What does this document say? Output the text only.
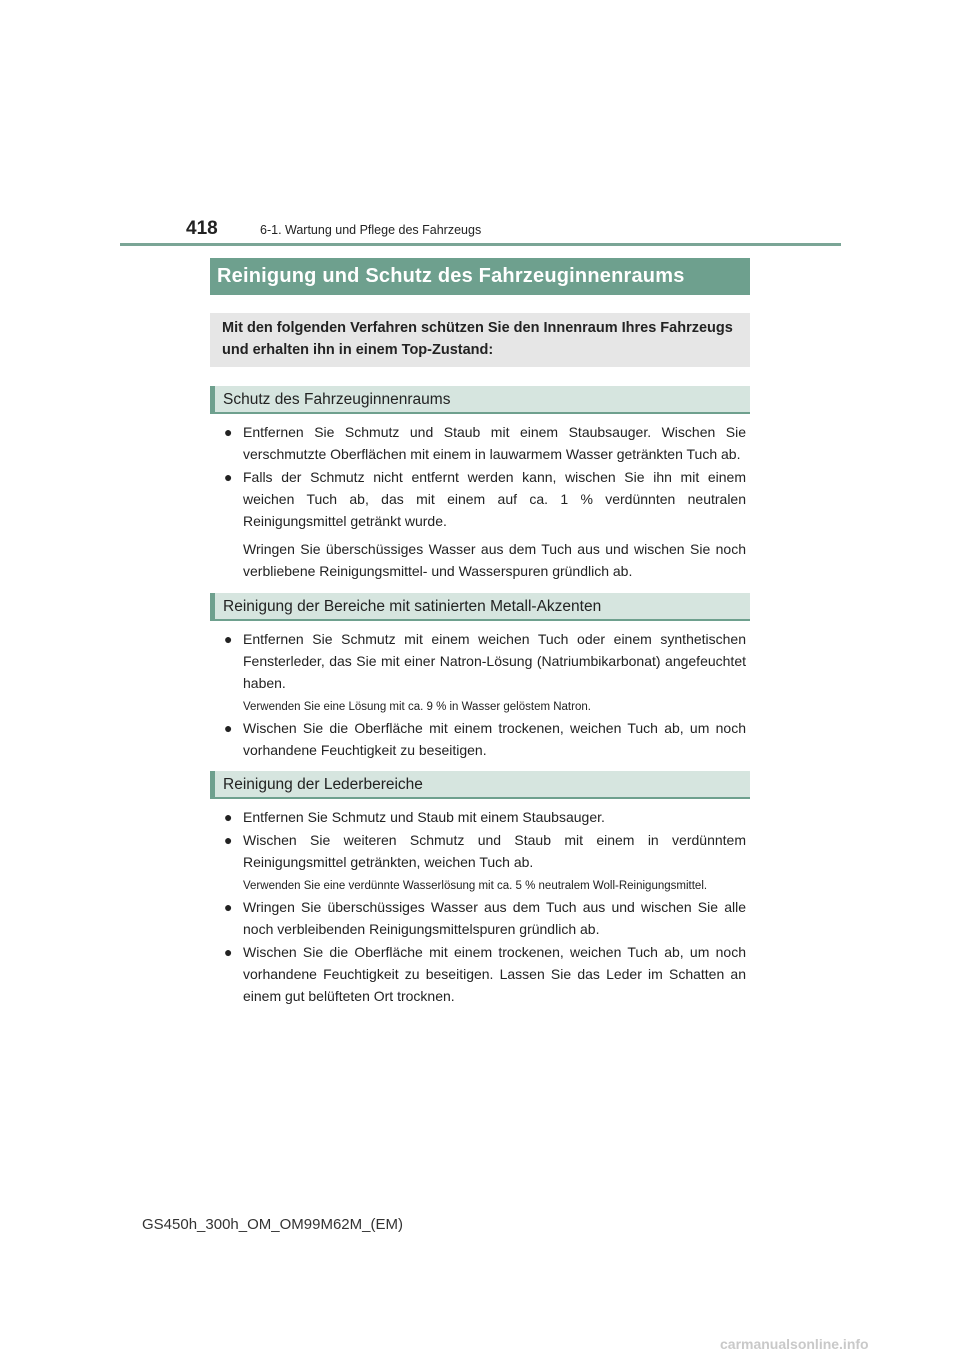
418	6-1. Wartung und Pflege des Fahrzeugs
Reinigung und Schutz des Fahrzeuginnenraums
Mit den folgenden Verfahren schützen Sie den Innenraum Ihres Fahrzeugs und erhalten ihn in einem Top-Zustand:
Schutz des Fahrzeuginnenraums
● Entfernen Sie Schmutz und Staub mit einem Staubsauger. Wischen Sie verschmutzte Oberflächen mit einem in lauwarmem Wasser getränkten Tuch ab.
● Falls der Schmutz nicht entfernt werden kann, wischen Sie ihn mit einem weichen Tuch ab, das mit einem auf ca. 1 % verdünnten neutralen Reinigungsmittel getränkt wurde.
Wringen Sie überschüssiges Wasser aus dem Tuch aus und wischen Sie noch verbliebene Reinigungsmittel- und Wasserspuren gründlich ab.
Reinigung der Bereiche mit satinierten Metall-Akzenten
● Entfernen Sie Schmutz mit einem weichen Tuch oder einem synthetischen Fensterleder, das Sie mit einer Natron-Lösung (Natriumbikarbonat) angefeuchtet haben.
Verwenden Sie eine Lösung mit ca. 9 % in Wasser gelöstem Natron.
● Wischen Sie die Oberfläche mit einem trockenen, weichen Tuch ab, um noch vorhandene Feuchtigkeit zu beseitigen.
Reinigung der Lederbereiche
● Entfernen Sie Schmutz und Staub mit einem Staubsauger.
● Wischen Sie weiteren Schmutz und Staub mit einem in verdünntem Reinigungsmittel getränkten, weichen Tuch ab.
Verwenden Sie eine verdünnte Wasserlösung mit ca. 5 % neutralem Woll-Reinigungsmittel.
● Wringen Sie überschüssiges Wasser aus dem Tuch aus und wischen Sie alle noch verbleibenden Reinigungsmittelspuren gründlich ab.
● Wischen Sie die Oberfläche mit einem trockenen, weichen Tuch ab, um noch vorhandene Feuchtigkeit zu beseitigen. Lassen Sie das Leder im Schatten an einem gut belüfteten Ort trocknen.
GS450h_300h_OM_OM99M62M_(EM)
carmanualsonline.info
